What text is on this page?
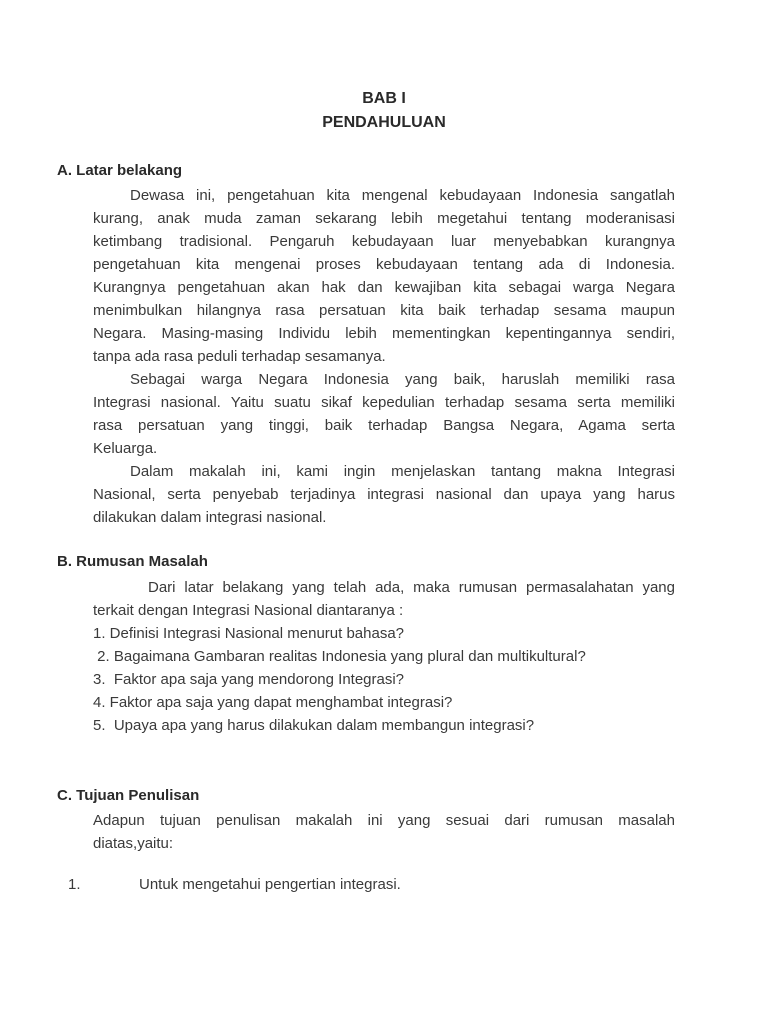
BAB I
PENDAHULUAN
A. Latar belakang
Dewasa ini, pengetahuan kita mengenal kebudayaan Indonesia sangatlah
kurang, anak muda zaman sekarang lebih megetahui tentang moderanisasi
ketimbang tradisional. Pengaruh kebudayaan luar menyebabkan kurangnya
pengetahuan kita mengenai proses kebudayaan tentang ada di Indonesia.
Kurangnya pengetahuan akan hak dan kewajiban kita sebagai warga Negara
menimbulkan hilangnya rasa persatuan kita baik terhadap sesama maupun
Negara. Masing-masing Individu lebih mementingkan kepentingannya sendiri,
tanpa ada rasa peduli terhadap sesamanya.
Sebagai warga Negara Indonesia yang baik, haruslah memiliki rasa
Integrasi nasional. Yaitu suatu sikaf kepedulian terhadap sesama serta memiliki
rasa persatuan yang tinggi, baik terhadap Bangsa Negara, Agama serta
Keluarga.
Dalam makalah ini, kami ingin menjelaskan tantang makna Integrasi
Nasional, serta penyebab terjadinya integrasi nasional dan upaya yang harus
dilakukan dalam integrasi nasional.
B. Rumusan Masalah
Dari latar belakang yang telah ada, maka rumusan permasalahatan yang
terkait dengan Integrasi Nasional diantaranya :
1. Definisi Integrasi Nasional menurut bahasa?
2. Bagaimana Gambaran realitas Indonesia yang plural dan multikultural?
3.  Faktor apa saja yang mendorong Integrasi?
4. Faktor apa saja yang dapat menghambat integrasi?
5.  Upaya apa yang harus dilakukan dalam membangun integrasi?
C. Tujuan Penulisan
Adapun tujuan penulisan makalah ini yang sesuai dari rumusan masalah
diatas,yaitu:
1.	Untuk mengetahui pengertian integrasi.
